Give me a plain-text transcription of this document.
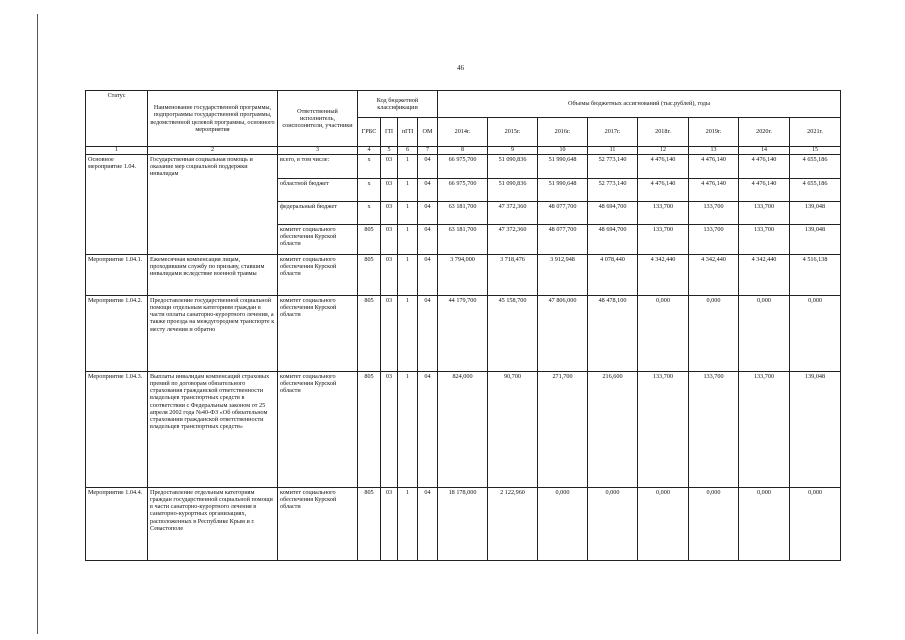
46
Статус	Наименование государственной программы, подпрограммы государственной программы, ведомственной целевой программы, основного мероприятия	Ответственный исполнитель, соисполнители, участники	Код бюджетной классификации				Объемы бюджетных ассигнований (тыс.рублей), годы							
			ГРБС	ГП	пГП	ОМ	2014г.	2015г.	2016г.	2017г.	2018г.	2019г.	2020г.	2021г.
1	2	3	4	5	6	7	8	9	10	11	12	13	14	15
Основное мероприятие 1.04.	Государственная социальная помощь и оказание мер социальной поддержки инвалидам	всего, в том числе:	х	03	1	04	66 975,700	51 090,836	51 990,648	52 773,140	4 476,140	4 476,140	4 476,140	4 655,186
		областной бюджет	х	03	1	04	66 975,700	51 090,836	51 990,648	52 773,140	4 476,140	4 476,140	4 476,140	4 655,186
		федеральный бюджет	х	03	1	04	63 181,700	47 372,360	48 077,700	48 694,700	133,700	133,700	133,700	139,048
		комитет социального обеспечения Курской области	805	03	1	04	63 181,700	47 372,360	48 077,700	48 694,700	133,700	133,700	133,700	139,048
Мероприятие 1.04.1.	Ежемесячная компенсация лицам, проходившим службу по призыву, ставшим инвалидами вследствие военной травмы	комитет социального обеспечения Курской области	805	03	1	04	3 794,000	3 718,476	3 912,948	4 078,440	4 342,440	4 342,440	4 342,440	4 516,138
Мероприятие 1.04.2.	Предоставление государственной социальной помощи отдельным категориям граждан в части оплаты санаторно-курортного лечения, а также проезда на междугороднем транспорте к месту лечения и обратно	комитет социального обеспечения Курской области	805	03	1	04	44 179,700	45 158,700	47 806,000	48 478,100	0,000	0,000	0,000	0,000
Мероприятие 1.04.3.	Выплаты инвалидам компенсаций страховых премий по договорам обязательного страхования гражданской ответственности владельцев транспортных средств в соответствии с Федеральным законом от 25 апреля 2002 года №40-ФЗ «Об обязательном страховании гражданской ответственности владельцев транспортных средств»	комитет социального обеспечения Курской области	805	03	1	04	824,000	90,700	271,700	216,600	133,700	133,700	133,700	139,048
Мероприятие 1.04.4.	Предоставление отдельным категориям граждан государственной социальной помощи в части санаторно-курортного лечения в санаторно-курортных организациях, расположенных в Республике Крым и г. Севастополе	комитет социального обеспечения Курской области	805	03	1	04	18 178,000	2 122,960	0,000	0,000	0,000	0,000	0,000	0,000
